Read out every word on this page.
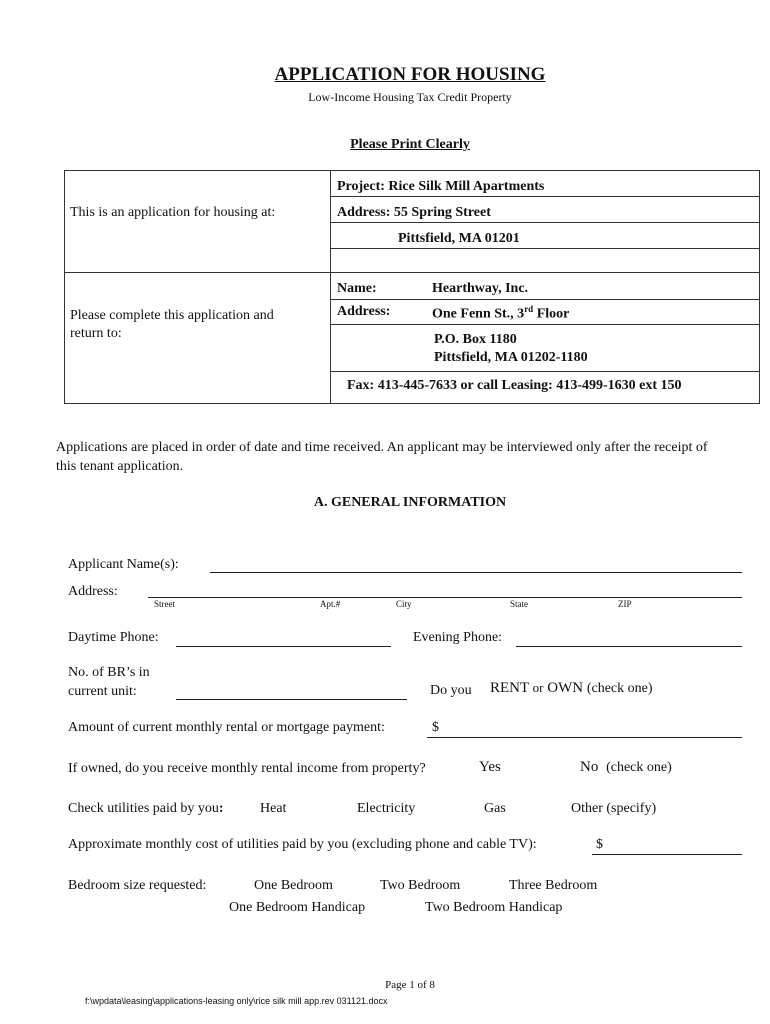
APPLICATION FOR HOUSING
Low-Income Housing Tax Credit Property
Please Print Clearly
This is an application for housing at:
Project: Rice Silk Mill Apartments
Address: 55 Spring Street
Pittsfield, MA 01201
Please complete this application and return to:
Name:	Hearthway, Inc.
Address:	One Fenn St., 3rd Floor
P.O. Box 1180
Pittsfield, MA 01202-1180
Fax: 413-445-7633 or call Leasing: 413-499-1630 ext 150
Applications are placed in order of date and time received. An applicant may be interviewed only after the receipt of this tenant application.
A. GENERAL INFORMATION
Applicant Name(s):
Address:
Street	Apt.#	City	State	ZIP
Daytime Phone:	Evening Phone:
No. of BR’s in
current unit:	Do you RENT or OWN (check one)
Amount of current monthly rental or mortgage payment:	$
If owned, do you receive monthly rental income from property?	Yes	No (check one)
Check utilities paid by you:	Heat	Electricity	Gas	Other (specify)
Approximate monthly cost of utilities paid by you (excluding phone and cable TV):	$
Bedroom size requested:	One Bedroom	Two Bedroom	Three Bedroom
One Bedroom Handicap	Two Bedroom Handicap
Page 1 of 8
f:\wpdata\leasing\applications-leasing only\rice silk mill app.rev 031121.docx
